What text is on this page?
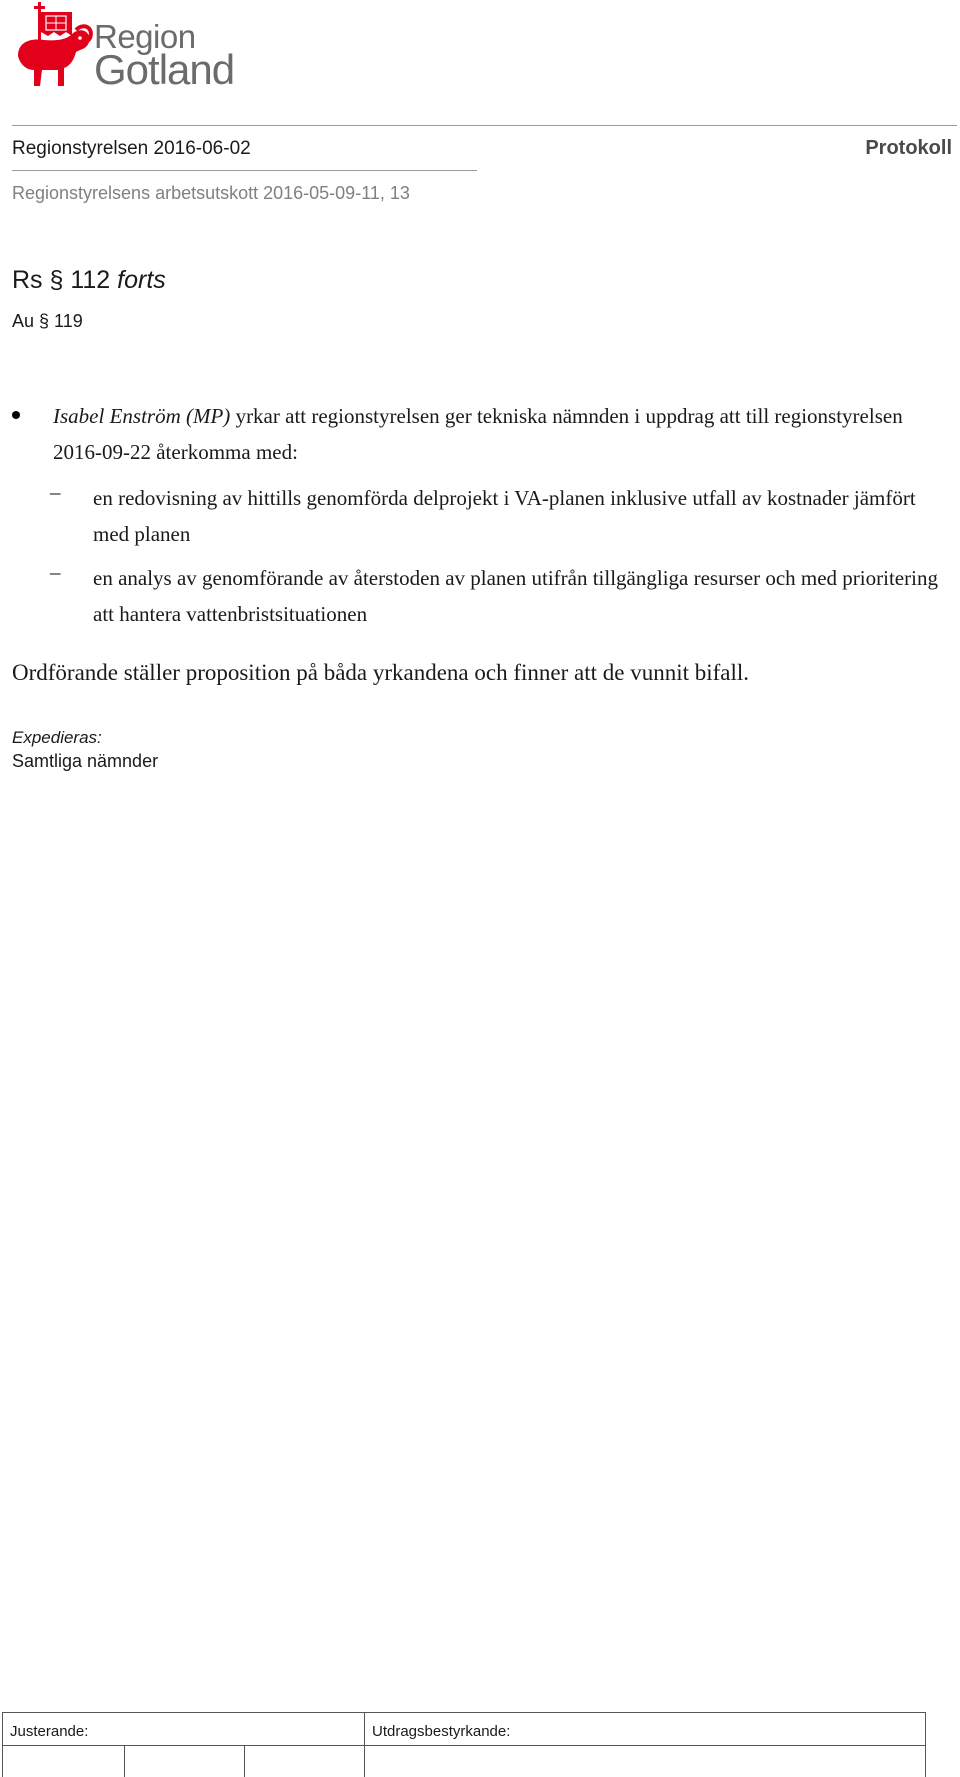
Region
Gotland
Regionstyrelsen 2016-06-02	Protokoll
Regionstyrelsens arbetsutskott 2016-05-09-11, 13
Rs § 112 forts
Au § 119
Isabel Enström (MP) yrkar att regionstyrelsen ger tekniska nämnden i uppdrag att till regionstyrelsen 2016-09-22 återkomma med:
– en redovisning av hittills genomförda delprojekt i VA-planen inklusive utfall av kostnader jämfört med planen
– en analys av genomförande av återstoden av planen utifrån tillgängliga resurser och med prioritering att hantera vattenbristsituationen
Ordförande ställer proposition på båda yrkandena och finner att de vunnit bifall.
Expedieras:
Samtliga nämnder
Justerande:	Utdragsbestyrkande:
